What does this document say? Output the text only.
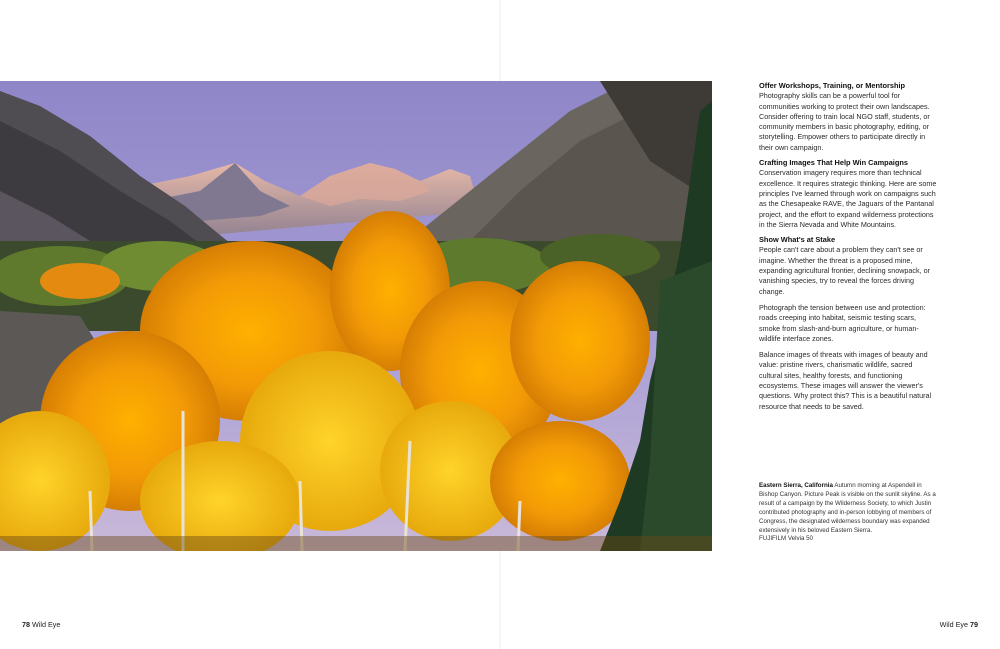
Offer Workshops, Training, or Mentorship

Photography skills can be a powerful tool for communities working to protect their own landscapes. Consider offering to train local NGO staff, students, or community members in basic photography, editing, or storytelling. Empower others to participate directly in their own campaign.

Crafting Images That Help Win Campaigns

Conservation imagery requires more than technical excellence. It requires strategic thinking. Here are some principles I've learned through work on campaigns such as the Chesapeake RAVE, the Jaguars of the Pantanal project, and the effort to expand wilderness protections in the Sierra Nevada and White Mountains.

Show What's at Stake

People can't care about a problem they can't see or imagine. Whether the threat is a proposed mine, expanding agricultural frontier, declining snowpack, or vanishing species, try to reveal the forces driving change.

Photograph the tension between use and protection: roads creeping into habitat, seismic testing scars, smoke from slash-and-burn agriculture, or human-wildlife interface zones.

Balance images of threats with images of beauty and value: pristine rivers, charismatic wildlife, sacred cultural sites, healthy forests, and functioning ecosystems. These images will answer the viewer's questions. Why protect this? This is a beautiful natural resource that needs to be saved.

Eastern Sierra, California Autumn morning at Aspendell in Bishop Canyon. Picture Peak is visible on the sunlit skyline. As a result of a campaign by the Wilderness Society, to which Justin contributed photography and in-person lobbying of members of Congress, the designated wilderness boundary was expanded extensively in his beloved Eastern Sierra.
FUJIFILM Velvia 50
78 Wild Eye	Wild Eye 79
